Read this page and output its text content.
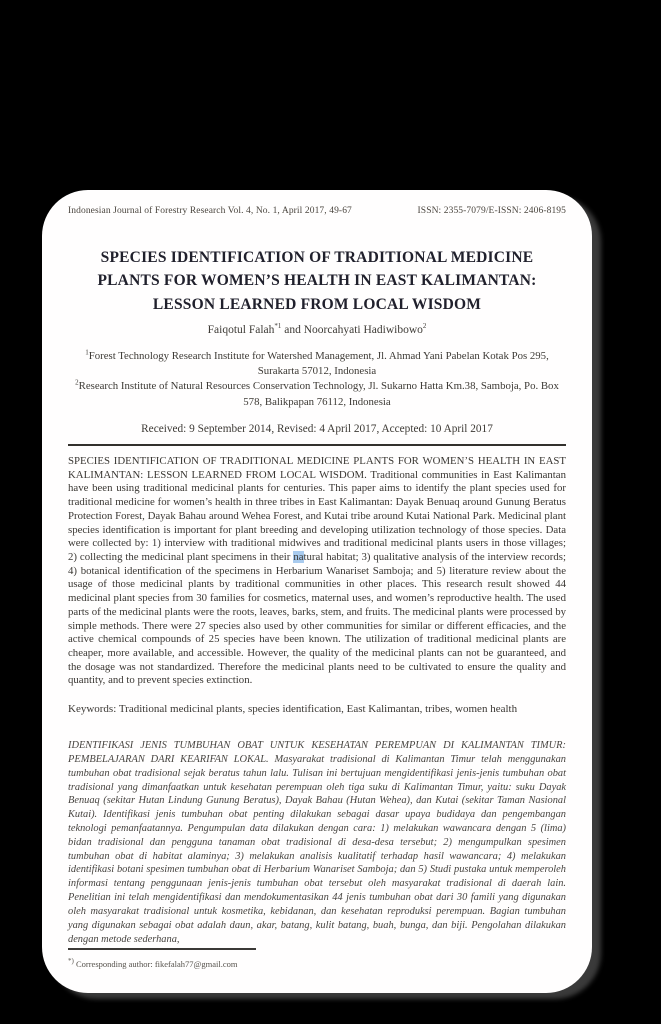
Indonesian Journal of Forestry Research Vol. 4, No. 1, April 2017, 49-67	ISSN: 2355-7079/E-ISSN: 2406-8195
SPECIES IDENTIFICATION OF TRADITIONAL MEDICINE PLANTS FOR WOMEN’S HEALTH IN EAST KALIMANTAN: LESSON LEARNED FROM LOCAL WISDOM
Faiqotul Falah$^{*1}$ and Noorcahyati Hadiwibowo$^2$

$^1$Forest Technology Research Institute for Watershed Management, Jl. Ahmad Yani Pabelan Kotak Pos 295, Surakarta 57012, Indonesia

$^2$Research Institute of Natural Resources Conservation Technology, Jl. Sukarno Hatta Km.38, Samboja, Po. Box 578, Balikpapan 76112, Indonesia

Received: 9 September 2014, Revised: 4 April 2017, Accepted: 10 April 2017

SPECIES IDENTIFICATION OF TRADITIONAL MEDICINE PLANTS FOR WOMEN’S HEALTH IN EAST KALIMANTAN: LESSON LEARNED FROM LOCAL WISDOM. Traditional communities in East Kalimantan have been using traditional medicinal plants for centuries. This paper aims to identify the plant species used for traditional medicine for women’s health in three tribes in East Kalimantan: Dayak Benuaq around Gunung Beratus Protection Forest, Dayak Bahau around Wehea Forest, and Kutai tribe around Kutai National Park. Medicinal plant species identification is important for plant breeding and developing utilization technology of those species. Data were collected by: 1) interview with traditional midwives and traditional medicinal plants users in those villages; 2) collecting the medicinal plant specimens in their natural habitat; 3) qualitative analysis of the interview records; 4) botanical identification of the specimens in Herbarium Wanariset Samboja; and 5) literature review about the usage of those medicinal plants by traditional communities in other places. This research result showed 44 medicinal plant species from 30 families for cosmetics, maternal uses, and women’s reproductive health. The used parts of the medicinal plants were the roots, leaves, barks, stem, and fruits. The medicinal plants were processed by simple methods. There were 27 species also used by other communities for similar or different efficacies, and the active chemical compounds of 25 species have been known. The utilization of traditional medicinal plants are cheaper, more available, and accessible. However, the quality of the medicinal plants can not be guaranteed, and the dosage was not standardized. Therefore the medicinal plants need to be cultivated to ensure the quality and quantity, and to prevent species extinction.

Keywords: Traditional medicinal plants, species identification, East Kalimantan, tribes, women health

IDENTIFIKASI JENIS TUMBUHAN OBAT UNTUK KESEHATAN PEREMPUAN DI KALIMANTAN TIMUR: PEMBELAJARAN DARI KEARIFAN LOKAL. Masyarakat tradisional di Kalimantan Timur telah menggunakan tumbuhan obat tradisional sejak beratus tahun lalu. Tulisan ini bertujuan mengidentifikasi jenis-jenis tumbuhan obat tradisional yang dimanfaatkan untuk kesehatan perempuan oleh tiga suku di Kalimantan Timur, yaitu: suku Dayak Benuaq (sekitar Hutan Lindung Gunung Beratus), Dayak Bahau (Hutan Wehea), dan Kutai (sekitar Taman Nasional Kutai). Identifikasi jenis tumbuhan obat penting dilakukan sebagai dasar upaya budidaya dan pengembangan teknologi pemanfaatannya. Pengumpulan data dilakukan dengan cara: 1) melakukan wawancara dengan 5 (lima) bidan tradisional dan pengguna tanaman obat tradisional di desa-desa tersebut; 2) mengumpulkan spesimen tumbuhan obat di habitat alaminya; 3) melakukan analisis kualitatif terhadap hasil wawancara; 4) melakukan identifikasi botani spesimen tumbuhan obat di Herbarium Wanariset Samboja; dan 5) Studi pustaka untuk memperoleh informasi tentang penggunaan jenis-jenis tumbuhan obat tersebut oleh masyarakat tradisional di daerah lain. Penelitian ini telah mengidentifikasi dan mendokumentasikan 44 jenis tumbuhan obat dari 30 famili yang digunakan oleh masyarakat tradisional untuk kosmetika, kebidanan, dan kesehatan reproduksi perempuan. Bagian tumbuhan yang digunakan sebagai obat adalah daun, akar, batang, kulit batang, buah, bunga, dan biji. Pengolahan dilakukan dengan metode sederhana,

*) Corresponding author: fikefalah77@gmail.com
